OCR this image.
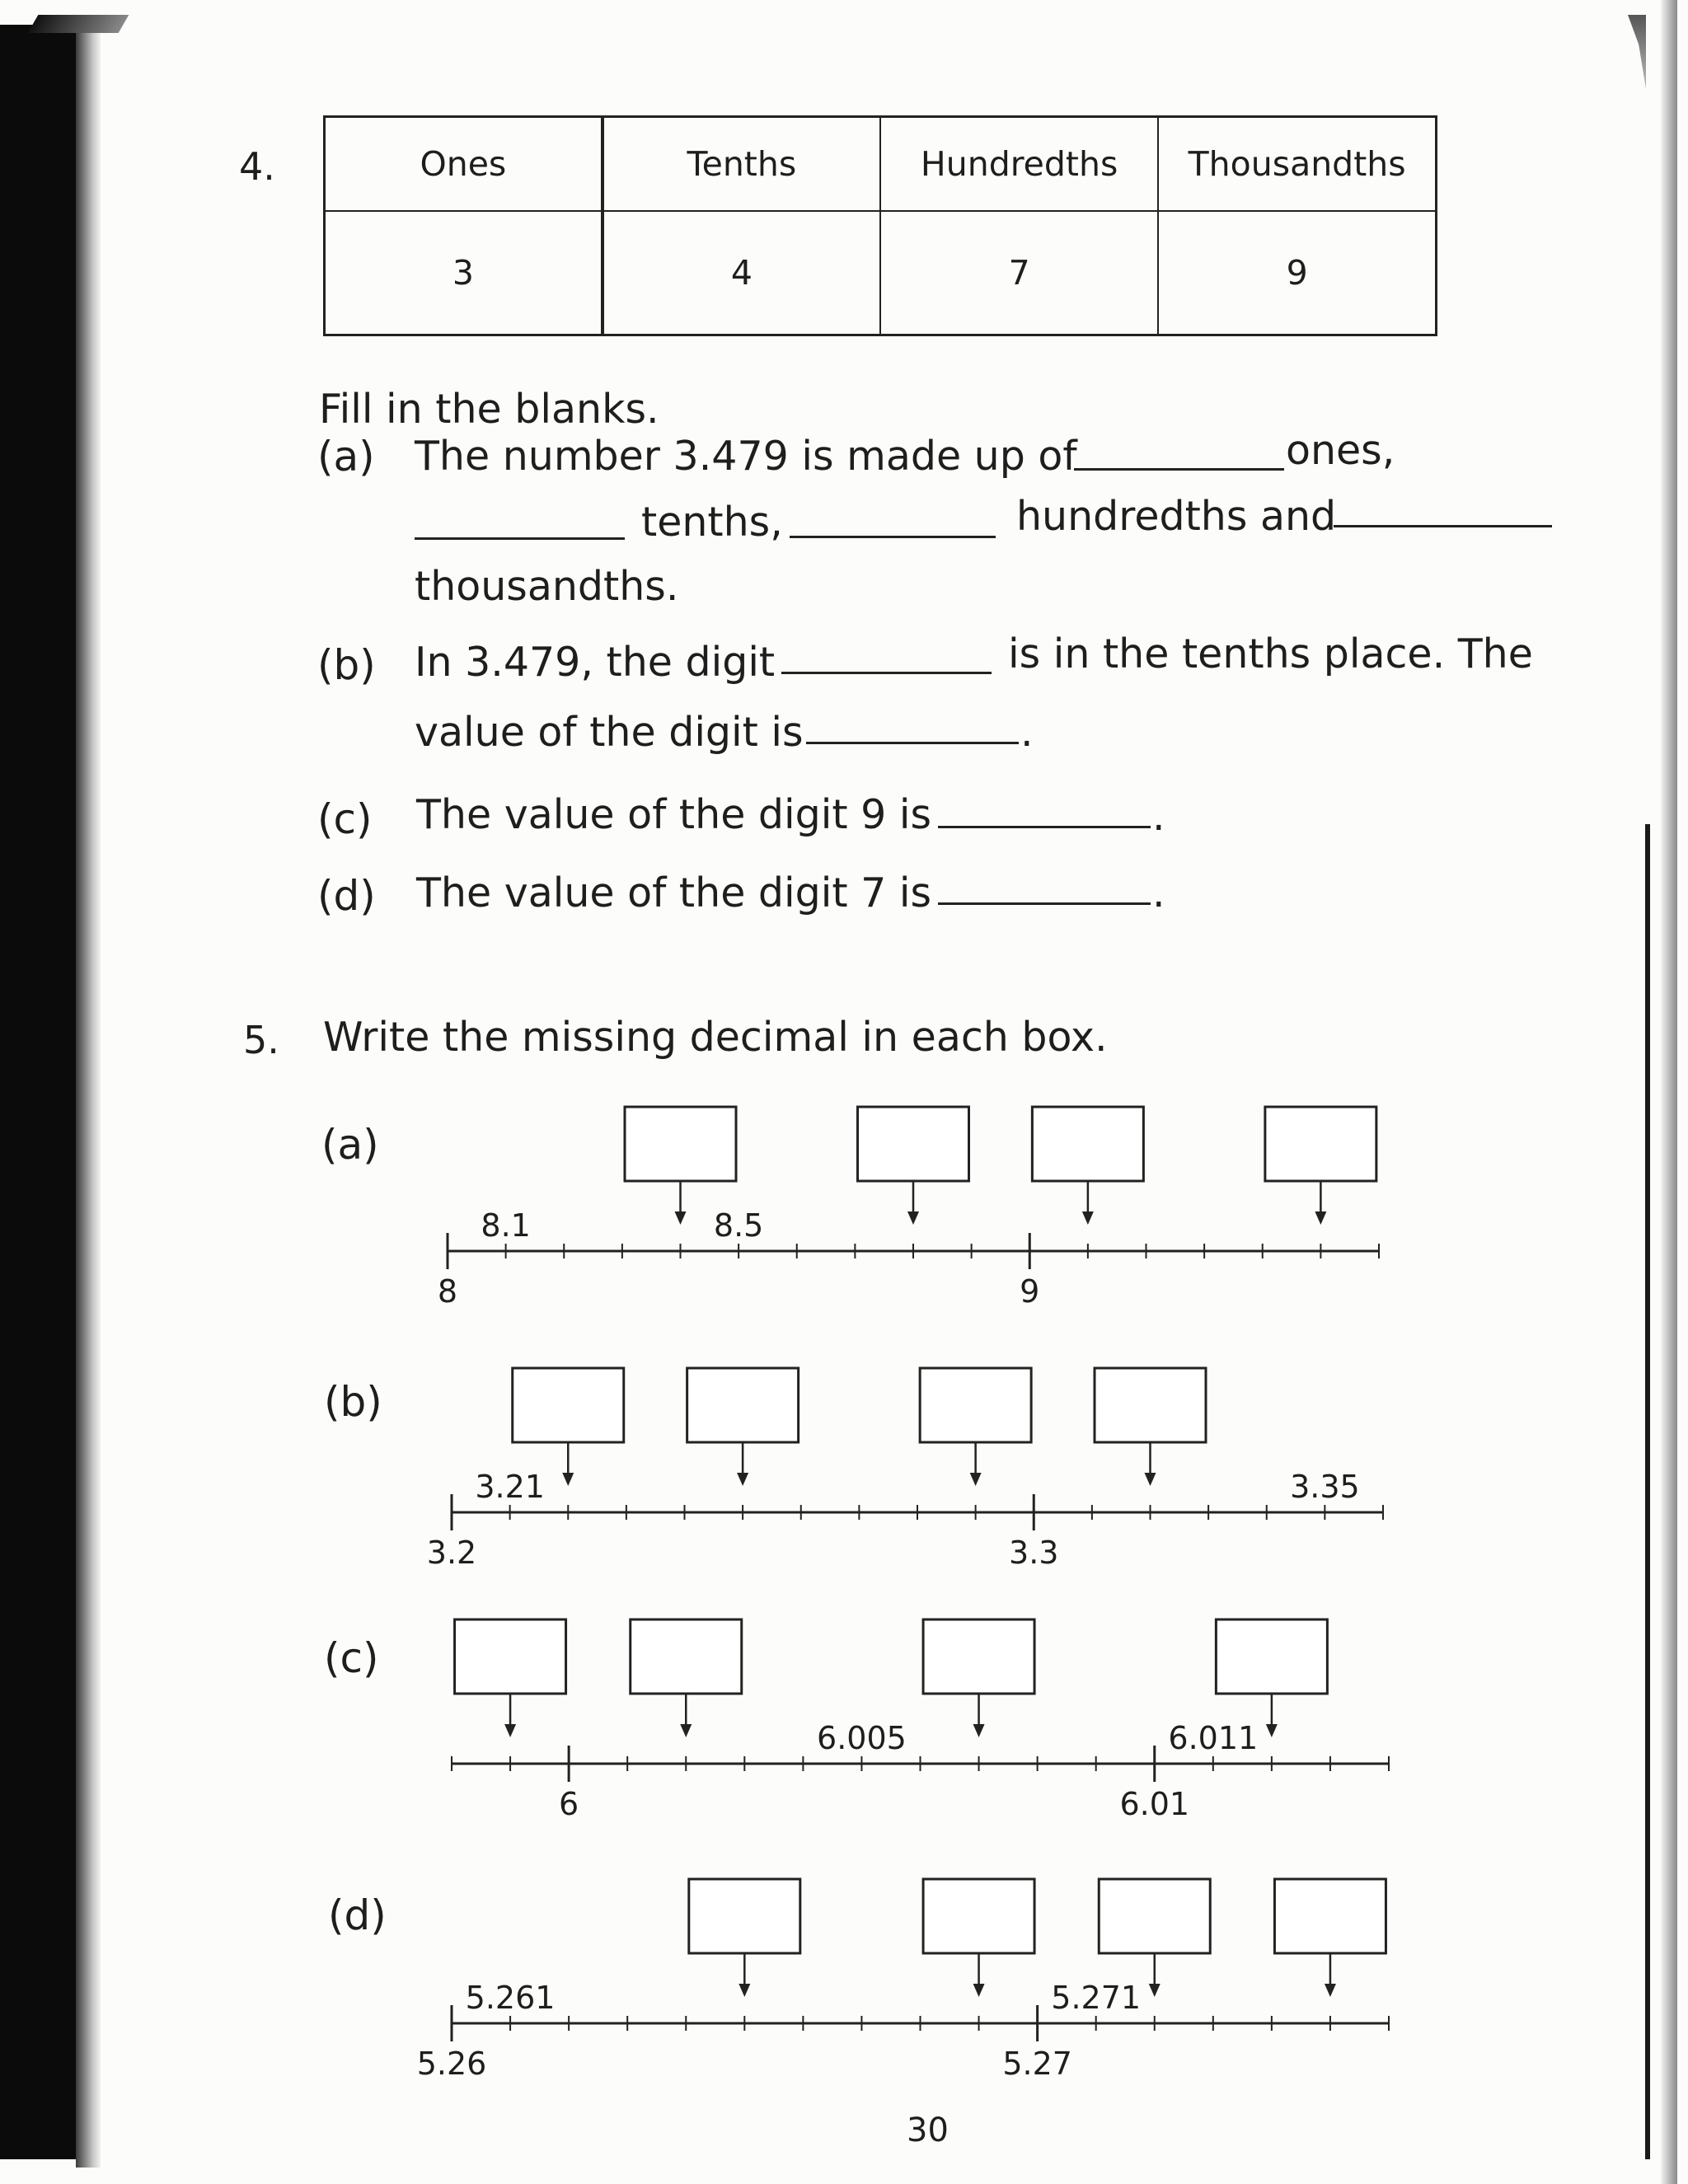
4.	Ones	Tenths	Hundredths	Thousandths
3	4	7	9
Fill in the blanks.
(a) The number 3.479 is made up of	ones,
tenths,	hundredths and
thousandths.
(b) In 3.479, the digit	is in the tenths place. The
value of the digit is	.
(c) The value of the digit 9 is	.
(d) The value of the digit 7 is	.
5. Write the missing decimal in each box.
(a)
(b)
(c)
(d)
8.1	8.5
8	9
3.21	3.35
3.2	3.3
6.005	6.011
6	6.01
5.261	5.271
5.26	5.27
30
